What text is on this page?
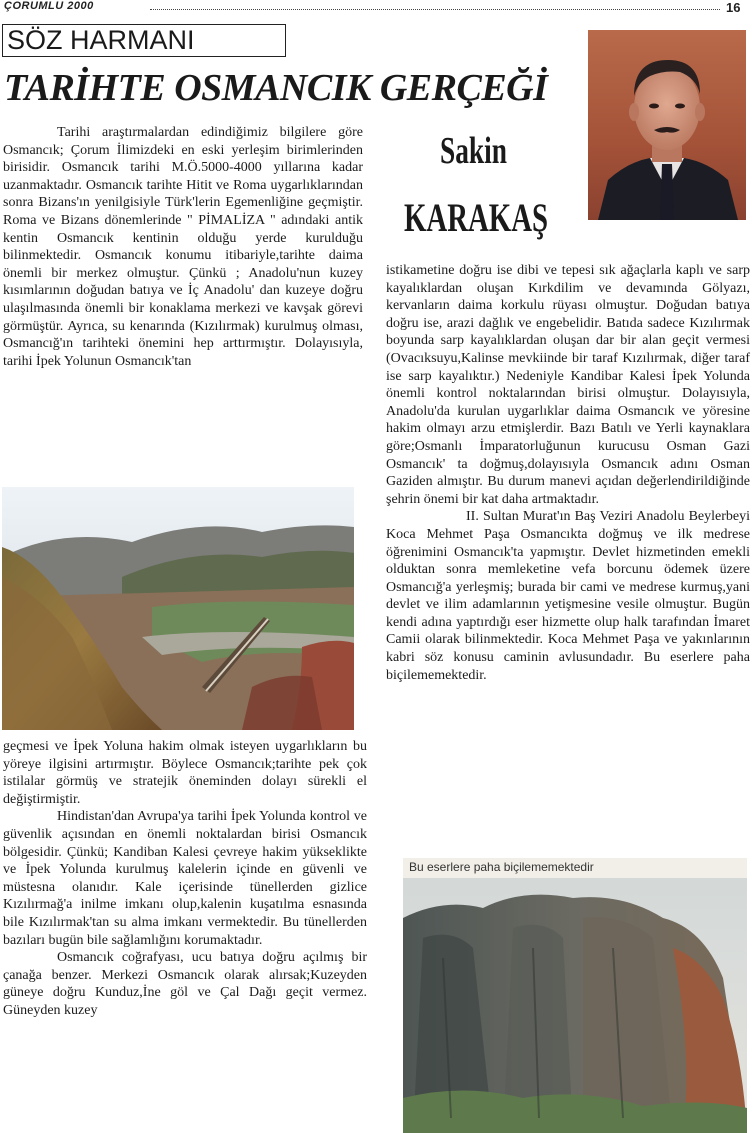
ÇORUMLU 2000	16
SÖZ HARMANI
TARİHTE OSMANCIK GERÇEĞİ
Sakin
KARAKAŞ

Tarihi araştırmalardan edindiğimiz bilgilere göre Osmancık; Çorum İlimizdeki en eski yerleşim birimlerinden birisidir. Osmancık tarihi M.Ö.5000-4000 yıllarına kadar uzanmaktadır. Osmancık tarihte Hitit ve Roma uygarlıklarından sonra Bizans'ın yenilgisiyle Türk'lerin Egemenliğine geçmiştir. Roma ve Bizans dönemlerinde " PİMALİZA " adındaki antik kentin Osmancık kentinin olduğu yerde kurulduğu bilinmektedir. Osmancık konumu itibariyle,tarihte daima önemli bir merkez olmuştur. Çünkü ; Anadolu'nun kuzey kısımlarının doğudan batıya ve İç Anadolu' dan kuzeye doğru ulaşılmasında önemli bir konaklama merkezi ve kavşak görevi görmüştür. Ayrıca, su kenarında (Kızılırmak) kurulmuş olması, Osmancığ'ın tarihteki önemini hep arttırmıştır. Dolayısıyla, tarihi İpek Yolunun Osmancık'tan

geçmesi ve İpek Yoluna hakim olmak isteyen uygarlıkların bu yöreye ilgisini artırmıştır. Böylece Osmancık;tarihte pek çok istilalar görmüş ve stratejik öneminden dolayı sürekli el değiştirmiştir.

Hindistan'dan Avrupa'ya tarihi İpek Yolunda kontrol ve güvenlik açısından en önemli noktalardan birisi Osmancık bölgesidir. Çünkü; Kandiban Kalesi çevreye hakim yükseklikte ve İpek Yolunda kurulmuş kalelerin içinde en güvenli ve müstesna olanıdır. Kale içerisinde tünellerden gizlice Kızılırmağ'a inilme imkanı olup,kalenin kuşatılma esnasında bile Kızılırmak'tan su alma imkanı vermektedir. Bu tünellerden bazıları bugün bile sağlamlığını korumaktadır.

Osmancık coğrafyası, ucu batıya doğru açılmış bir çanağa benzer. Merkezi Osmancık olarak alırsak;Kuzeyden güneye doğru Kunduz,İne göl ve Çal Dağı geçit vermez. Güneyden kuzey

istikametine doğru ise dibi ve tepesi sık ağaçlarla kaplı ve sarp kayalıklardan oluşan Kırkdilim ve devamında Gölyazı, kervanların daima korkulu rüyası olmuştur. Doğudan batıya doğru ise, arazi dağlık ve engebelidir. Batıda sadece Kızılırmak boyunda sarp kayalıklardan oluşan dar bir alan geçit vermesi (Ovacıksuyu,Kalinse mevkiinde bir taraf Kızılırmak, diğer taraf ise sarp kayalıktır.) Nedeniyle Kandibar Kalesi İpek Yolunda önemli kontrol noktalarından birisi olmuştur. Dolayısıyla, Anadolu'da kurulan uygarlıklar daima Osmancık ve yöresine hakim olmayı arzu etmişlerdir. Bazı Batılı ve Yerli kaynaklara göre;Osmanlı İmparatorluğunun kurucusu Osman Gazi Osmancık' ta doğmuş,dolayısıyla Osmancık adını Osman Gaziden almıştır. Bu durum manevi açıdan değerlendirildiğinde şehrin önemi bir kat daha artmaktadır.

II. Sultan Murat'ın Baş Veziri Anadolu Beylerbeyi Koca Mehmet Paşa Osmancıkta doğmuş ve ilk medrese öğrenimini Osmancık'ta yapmıştır. Devlet hizmetinden emekli olduktan sonra memleketine vefa borcunu ödemek üzere Osmancığ'a yerleşmiş; burada bir cami ve medrese kurmuş,yani devlet ve ilim adamlarının yetişmesine vesile olmuştur. Bugün kendi adına yaptırdığı eser hizmette olup halk tarafından İmaret Camii olarak bilinmektedir. Koca Mehmet Paşa ve yakınlarının kabri söz konusu caminin avlusundadır. Bu eserlere paha biçilememektedir.

Bu eserlere paha biçilememektedir
